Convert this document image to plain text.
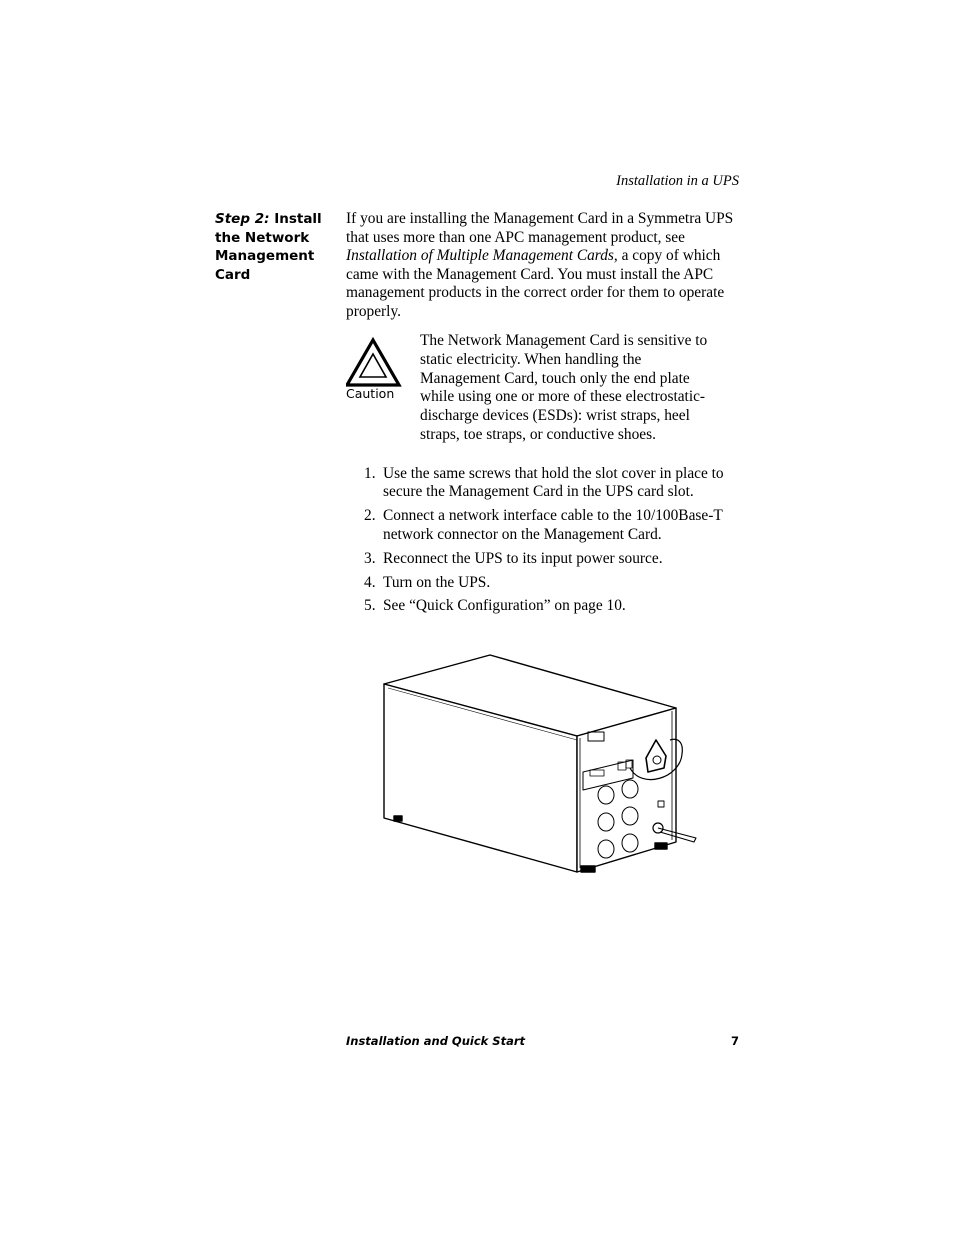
Installation in a UPS
Step 2: Install the Network Management Card
If you are installing the Management Card in a Symmetra UPS that uses more than one APC management product, see Installation of Multiple Management Cards, a copy of which came with the Management Card. You must install the APC management products in the correct order for them to operate properly.
Caution
The Network Management Card is sensitive to static electricity. When handling the Management Card, touch only the end plate while using one or more of these electrostatic-discharge devices (ESDs): wrist straps, heel straps, toe straps, or conductive shoes.
1. Use the same screws that hold the slot cover in place to secure the Management Card in the UPS card slot.
2. Connect a network interface cable to the 10/100Base-T network connector on the Management Card.
3. Reconnect the UPS to its input power source.
4. Turn on the UPS.
5. See “Quick Configuration” on page 10.
Installation and Quick Start	7
